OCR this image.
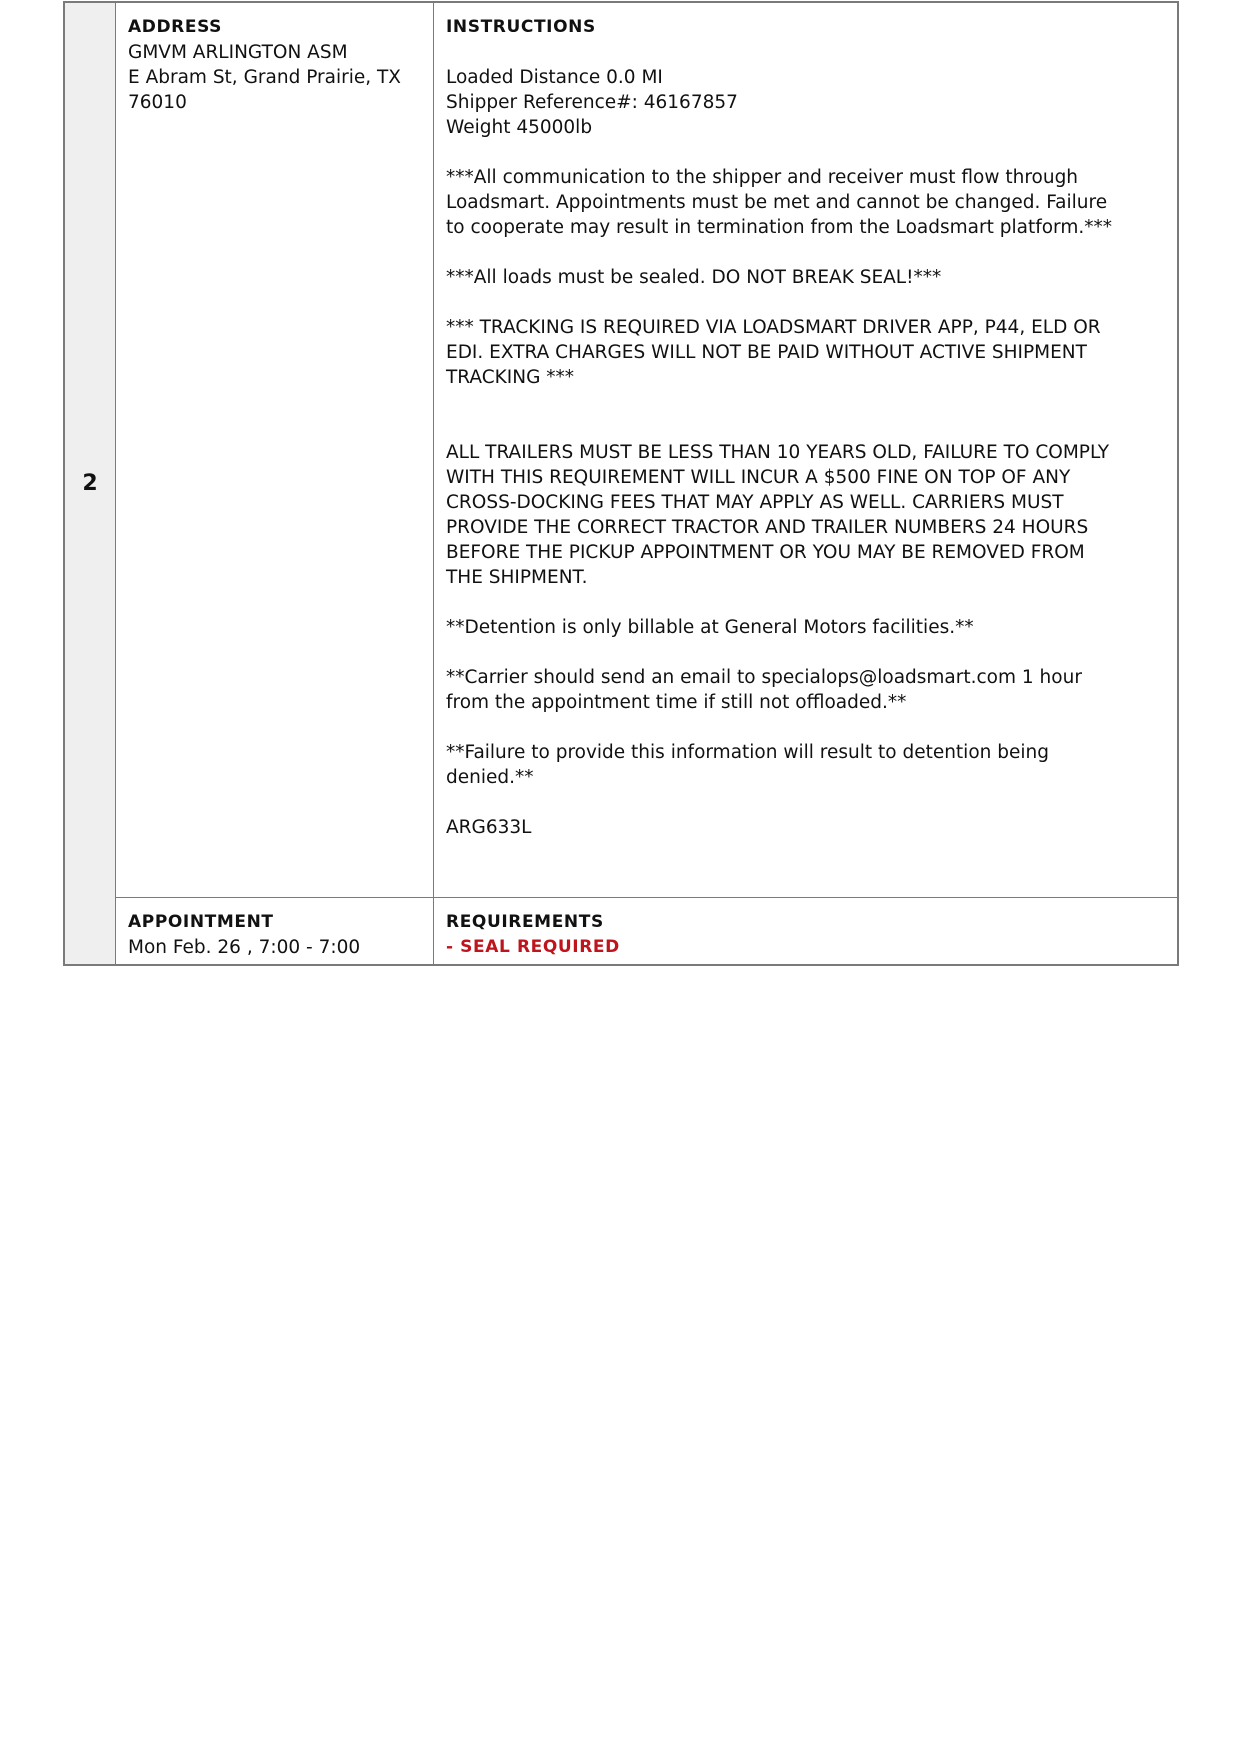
2
ADDRESS
GMVM ARLINGTON ASM
E Abram St, Grand Prairie, TX
76010
INSTRUCTIONS
Loaded Distance 0.0 MI
Shipper Reference#: 46167857
Weight 45000lb
***All communication to the shipper and receiver must flow through Loadsmart. Appointments must be met and cannot be changed. Failure to cooperate may result in termination from the Loadsmart platform.***
***All loads must be sealed. DO NOT BREAK SEAL!***
*** TRACKING IS REQUIRED VIA LOADSMART DRIVER APP, P44, ELD OR EDI. EXTRA CHARGES WILL NOT BE PAID WITHOUT ACTIVE SHIPMENT TRACKING ***
ALL TRAILERS MUST BE LESS THAN 10 YEARS OLD, FAILURE TO COMPLY WITH THIS REQUIREMENT WILL INCUR A $500 FINE ON TOP OF ANY CROSS-DOCKING FEES THAT MAY APPLY AS WELL. CARRIERS MUST PROVIDE THE CORRECT TRACTOR AND TRAILER NUMBERS 24 HOURS BEFORE THE PICKUP APPOINTMENT OR YOU MAY BE REMOVED FROM THE SHIPMENT.
**Detention is only billable at General Motors facilities.**
**Carrier should send an email to specialops@loadsmart.com 1 hour from the appointment time if still not offloaded.**
**Failure to provide this information will result to detention being denied.**
ARG633L
APPOINTMENT
Mon Feb. 26 , 7:00 - 7:00
REQUIREMENTS
- SEAL REQUIRED
